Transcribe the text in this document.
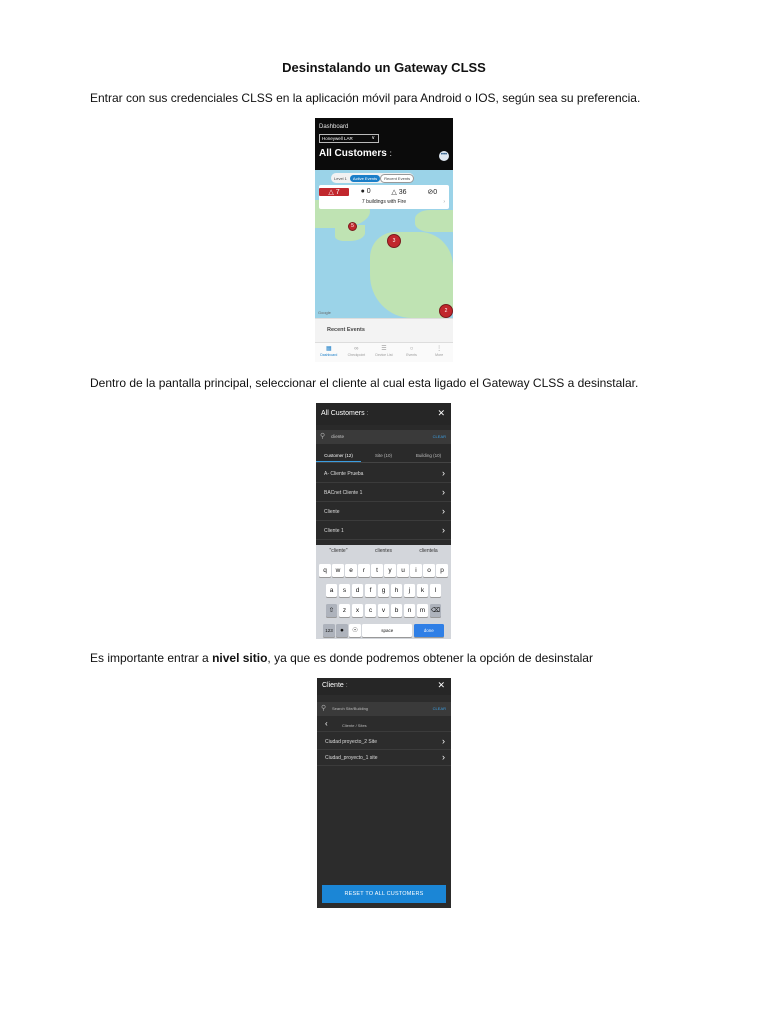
Desinstalando un Gateway CLSS
Entrar con sus credenciales CLSS en la aplicación móvil para Android o IOS, según sea su preferencia.
Dashboard
Honeywell LAR	∨
All Customers :	•••
Level 1	Active Events	Recent Events
△ 7	● 0	△ 36	⊘0
7 buildings with Fire	›
5
3
2
Google
Recent Events
▦
Dashboard
∞
Checkpoint
☰
Device List
○
Events
⋮
More
Dentro de la pantalla principal, seleccionar el cliente al cual esta ligado el Gateway CLSS a desinstalar.
All Customers :	✕
⚲ cliente	CLEAR
Customer (12)	Site (10)	Building (10)
A- Cliente Prueba	›
BACnet Cliente 1	›
Cliente	›
Cliente 1	›
"cliente"	clientes	clientela
q	w	e	r	t	y	u	i	o	p
a	s	d	f	g	h	j	k	l
⇧	z	x	c	v	b	n	m ⌫
123	●	☉	space	done
Es importante entrar a nivel sitio, ya que es donde podremos obtener la opción de desinstalar
Cliente :	✕
⚲ Search Site/Building	CLEAR
‹	Cliente / Sites
Ciudad proyecto_2 Site	›
Ciudad_proyecto_1 site	›
RESET TO ALL CUSTOMERS
